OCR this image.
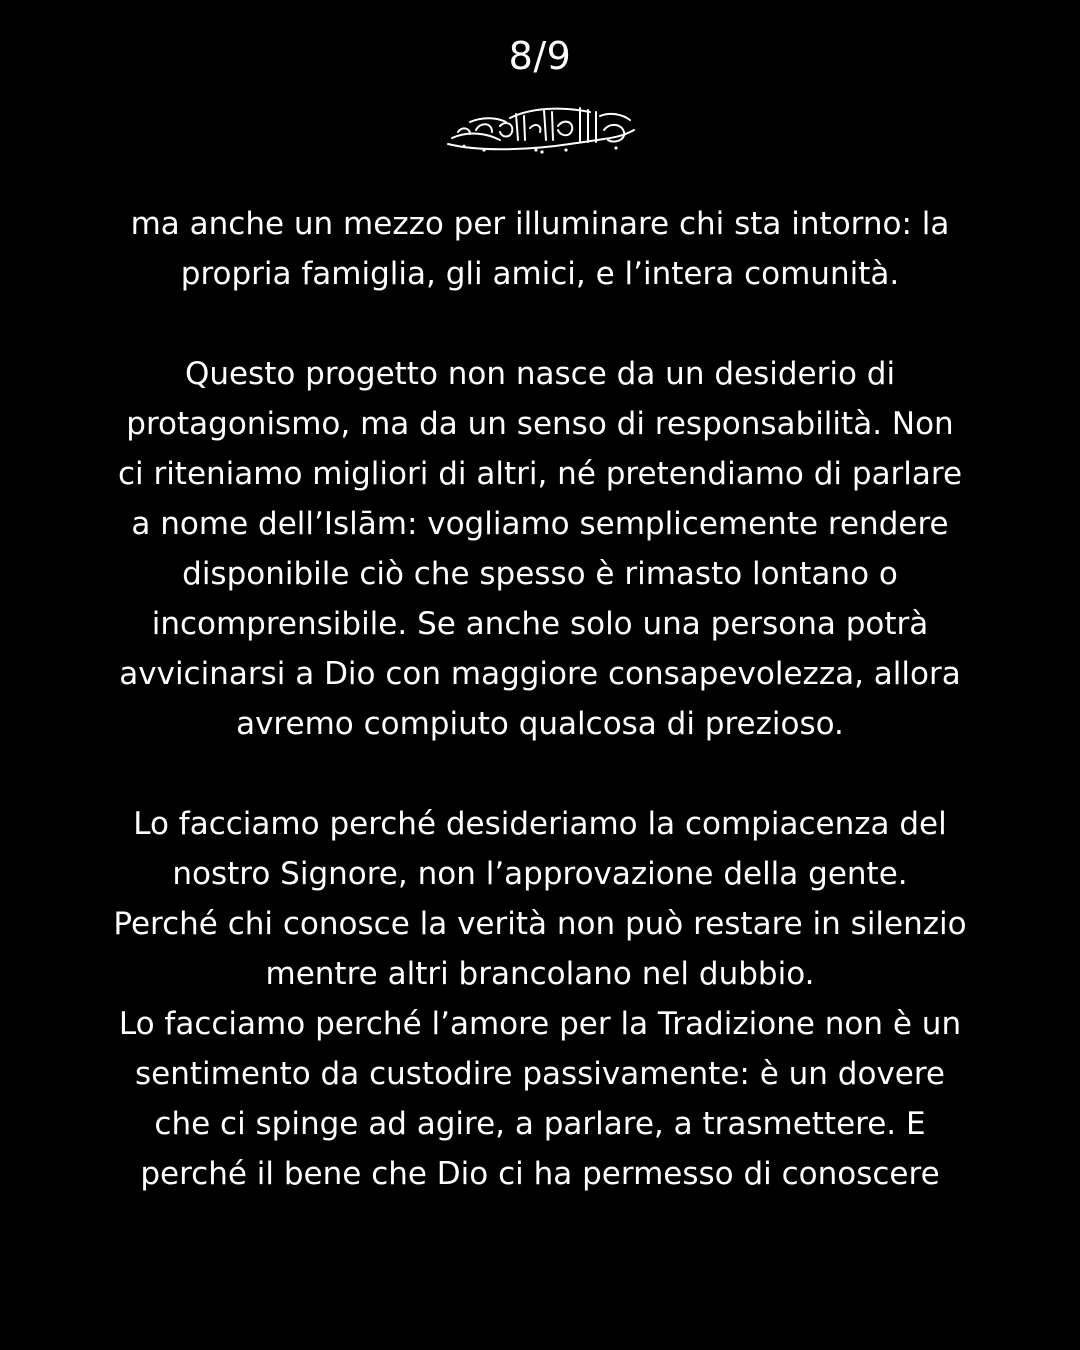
8/9

ma anche un mezzo per illuminare chi sta intorno: la
propria famiglia, gli amici, e l’intera comunità.

Questo progetto non nasce da un desiderio di
protagonismo, ma da un senso di responsabilità. Non
ci riteniamo migliori di altri, né pretendiamo di parlare
a nome dell’Islām: vogliamo semplicemente rendere
disponibile ciò che spesso è rimasto lontano o
incomprensibile. Se anche solo una persona potrà
avvicinarsi a Dio con maggiore consapevolezza, allora
avremo compiuto qualcosa di prezioso.

Lo facciamo perché desideriamo la compiacenza del
nostro Signore, non l’approvazione della gente.
Perché chi conosce la verità non può restare in silenzio
mentre altri brancolano nel dubbio.
Lo facciamo perché l’amore per la Tradizione non è un
sentimento da custodire passivamente: è un dovere
che ci spinge ad agire, a parlare, a trasmettere. E
perché il bene che Dio ci ha permesso di conoscere
